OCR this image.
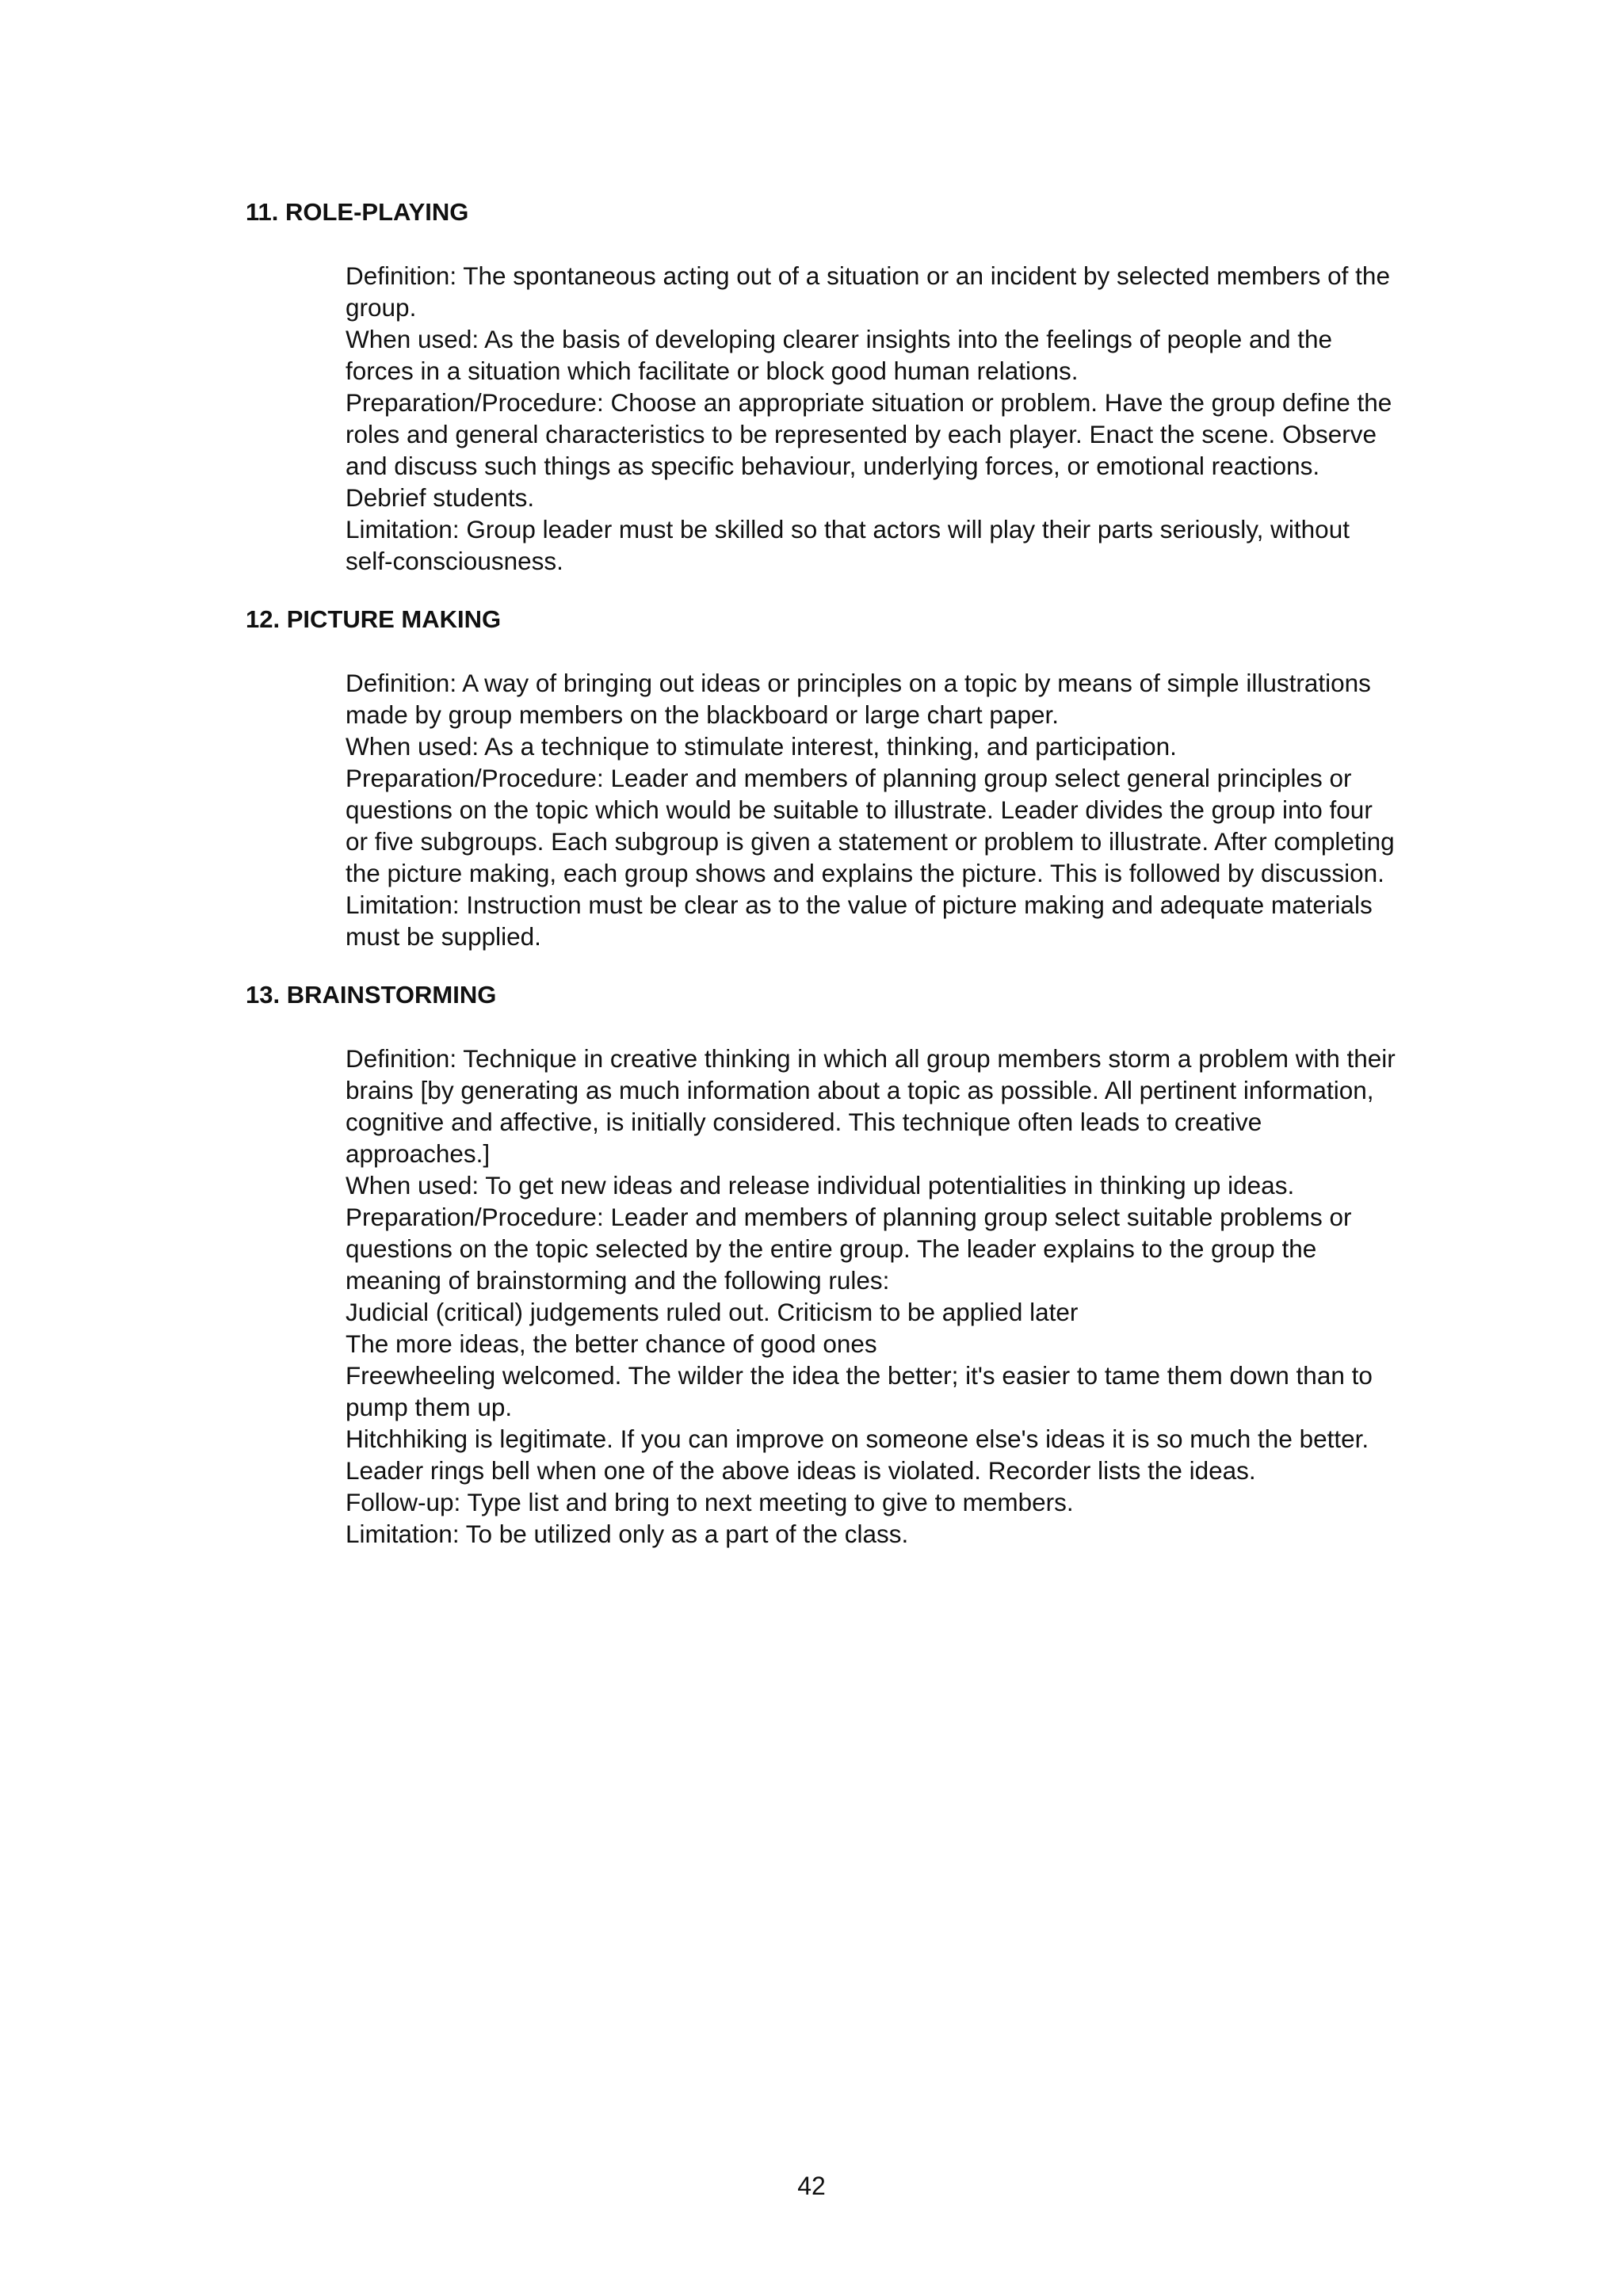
11. ROLE-PLAYING

Definition: The spontaneous acting out of a situation or an incident by selected members of the group.

When used: As the basis of developing clearer insights into the feelings of people and the forces in a situation which facilitate or block good human relations.

Preparation/Procedure: Choose an appropriate situation or problem. Have the group define the roles and general characteristics to be represented by each player. Enact the scene. Observe and discuss such things as specific behaviour, underlying forces, or emotional reactions. Debrief students.

Limitation: Group leader must be skilled so that actors will play their parts seriously, without self-consciousness.

12. PICTURE MAKING

Definition: A way of bringing out ideas or principles on a topic by means of simple illustrations made by group members on the blackboard or large chart paper.

When used: As a technique to stimulate interest, thinking, and participation.

Preparation/Procedure: Leader and members of planning group select general principles or questions on the topic which would be suitable to illustrate. Leader divides the group into four or five subgroups. Each subgroup is given a statement or problem to illustrate. After completing the picture making, each group shows and explains the picture. This is followed by discussion.

Limitation: Instruction must be clear as to the value of picture making and adequate materials must be supplied.

13. BRAINSTORMING

Definition: Technique in creative thinking in which all group members storm a problem with their brains [by generating as much information about a topic as possible. All pertinent information, cognitive and affective, is initially considered. This technique often leads to creative approaches.]

When used: To get new ideas and release individual potentialities in thinking up ideas.

Preparation/Procedure: Leader and members of planning group select suitable problems or questions on the topic selected by the entire group. The leader explains to the group the meaning of brainstorming and the following rules:

Judicial (critical) judgements ruled out. Criticism to be applied later

The more ideas, the better chance of good ones

Freewheeling welcomed. The wilder the idea the better; it's easier to tame them down than to pump them up.

Hitchhiking is legitimate. If you can improve on someone else's ideas it is so much the better.

Leader rings bell when one of the above ideas is violated. Recorder lists the ideas.

Follow-up: Type list and bring to next meeting to give to members.

Limitation: To be utilized only as a part of the class.

42
